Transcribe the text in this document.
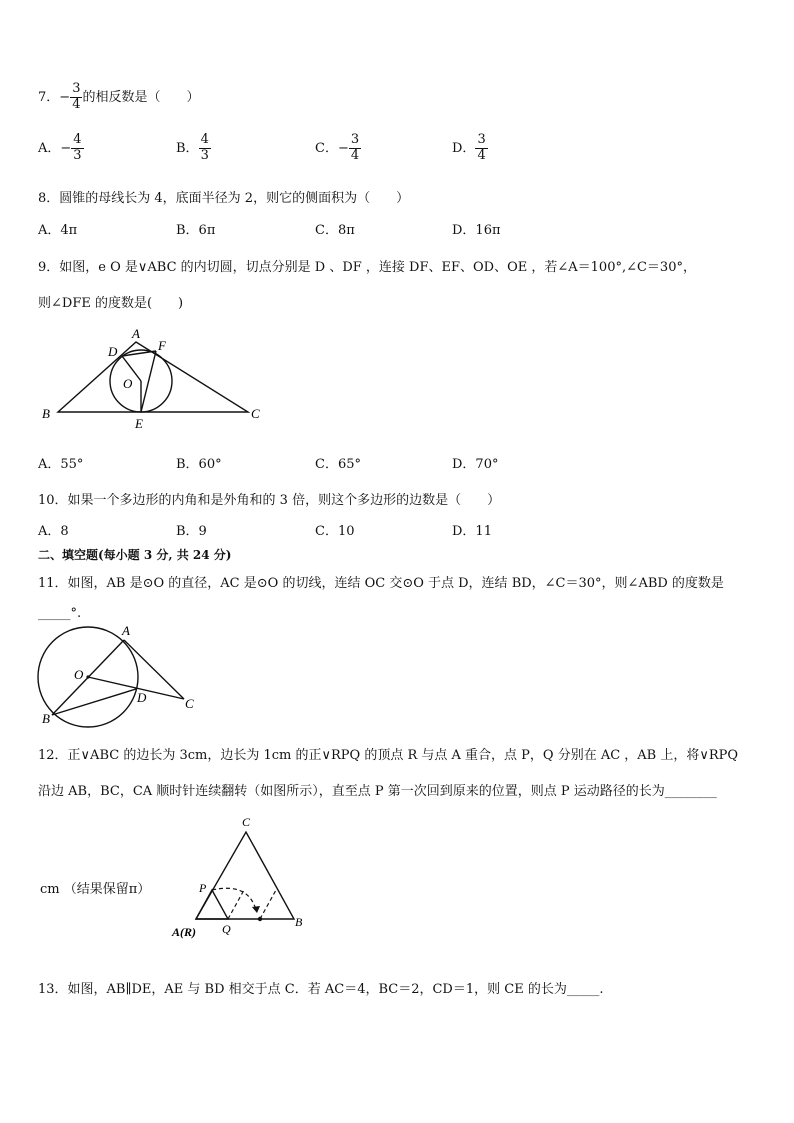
7．− $\frac{3}{4}$ 的相反数是（　　）
A．− $\frac{4}{3}$	B． $\frac{4}{3}$	C．− $\frac{3}{4}$	D． $\frac{3}{4}$
8．圆锥的母线长为 4，底面半径为 2，则它的侧面积为（　　）
A．4π	B．6π	C．8π	D．16π
9．如图，e O 是∨ABC 的内切圆，切点分别是 D 、DF ，连接 DF、EF、OD、OE ，若∠A＝100°,∠C＝30°，
则∠DFE 的度数是(　　)
A
D	F
O
B
E
C
A．55°	B．60°	C．65°	D．70°
10．如果一个多边形的内角和是外角和的 3 倍，则这个多边形的边数是（　　）
A．8	B．9	C．10	D．11
二、填空题(每小题 3 分, 共 24 分)
11．如图，AB 是⊙O 的直径，AC 是⊙O 的切线，连结 OC 交⊙O 于点 D，连结 BD，∠C＝30°，则∠ABD 的度数是
_____°.
A
O
D	C
B
12．正∨ABC 的边长为 3cm，边长为 1cm 的正∨RPQ 的顶点 R 与点 A 重合，点 P，Q 分别在 AC ，AB 上，将∨RPQ
沿边 AB，BC，CA 顺时针连续翻转（如图所示），直至点 P 第一次回到原来的位置，则点 P 运动路径的长为________
cm （结果保留π）
C
P
A(R) Q	B
13．如图，AB∥DE，AE 与 BD 相交于点 C．若 AC＝4，BC＝2，CD＝1，则 CE 的长为_____.
